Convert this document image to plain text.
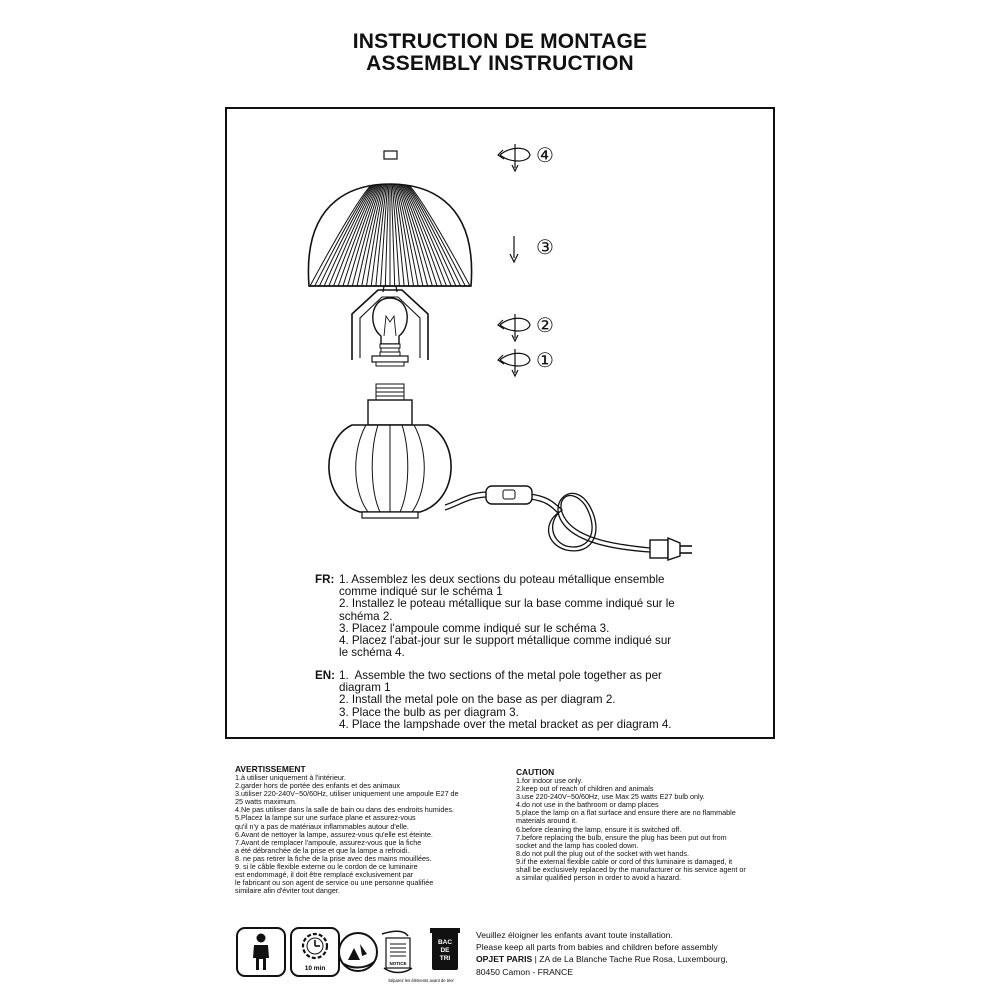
INSTRUCTION DE MONTAGE
ASSEMBLY INSTRUCTION
④
③
②
①
FR: 1. Assemblez les deux sections du poteau métallique ensemble
comme indiqué sur le schéma 1
2. Installez le poteau métallique sur la base comme indiqué sur le
schéma 2.
3. Placez l'ampoule comme indiqué sur le schéma 3.
4. Placez l'abat-jour sur le support métallique comme indiqué sur
le schéma 4.
EN: 1.  Assemble the two sections of the metal pole together as per
diagram 1
2. Install the metal pole on the base as per diagram 2.
3. Place the bulb as per diagram 3.
4. Place the lampshade over the metal bracket as per diagram 4.
AVERTISSEMENT
1.à utiliser uniquement à l'intérieur.
2.garder hors de portée des enfants et des animaux
3.utiliser 220-240V~50/60Hz, utiliser uniquement une ampoule E27 de
25 watts maximum.
4.Ne pas utiliser dans la salle de bain ou dans des endroits humides.
5.Placez la lampe sur une surface plane et assurez-vous
qu'il n'y a pas de matériaux inflammables autour d'elle.
6.Avant de nettoyer la lampe, assurez-vous qu'elle est éteinte.
7.Avant de remplacer l'ampoule, assurez-vous que la fiche
a été débranchée de la prise et que la lampe a refroidi.
8. ne pas retirer la fiche de la prise avec des mains mouillées.
9. si le câble flexible externe ou le cordon de ce luminaire
est endommagé, il doit être remplacé exclusivement par
le fabricant ou son agent de service ou une personne qualifiée
similaire afin d'éviter tout danger.
CAUTION
1.for indoor use only.
2.keep out of reach of children and animals
3.use 220-240V~50/60Hz, use Max 25 watts E27 bulb only.
4.do not use in the bathroom or damp places
5.place the lamp on a flat surface and ensure there are no flammable
materials around it.
6.before cleaning the lamp, ensure it is switched off.
7.before replacing the bulb, ensure the plug has been put out from
socket and the lamp has cooled down.
8.do not pull the plug out of the socket with wet hands.
9.if the external flexible cable or cord of this luminaire is damaged, it
shall be exclusively replaced by the manufacturer or his service agent or
a similar qualified person in order to avoid a hazard.
10 min
NOTICE
BAC
DE
TRI
Séparez les éléments avant de trier
Veuillez éloigner les enfants avant toute installation.
Please keep all parts from babies and children before assembly
OPJET PARIS | ZA de La Blanche Tache Rue Rosa, Luxembourg,
80450 Camon - FRANCE
